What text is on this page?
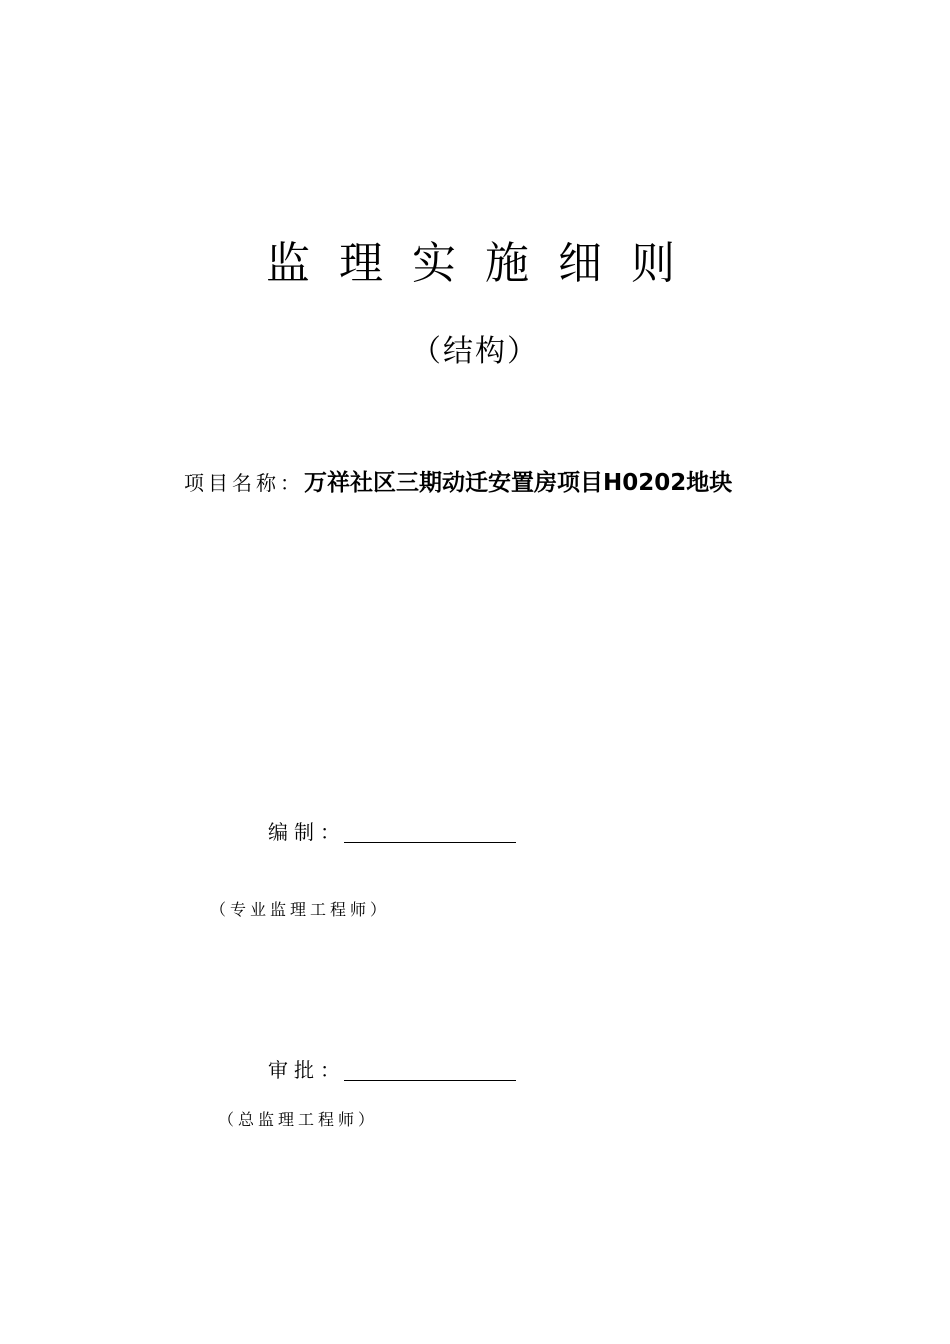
监理实施细则
（结构）
项目名称：万祥社区三期动迁安置房项目H0202地块
编制：
（专业监理工程师）
审批：
（总监理工程师）
